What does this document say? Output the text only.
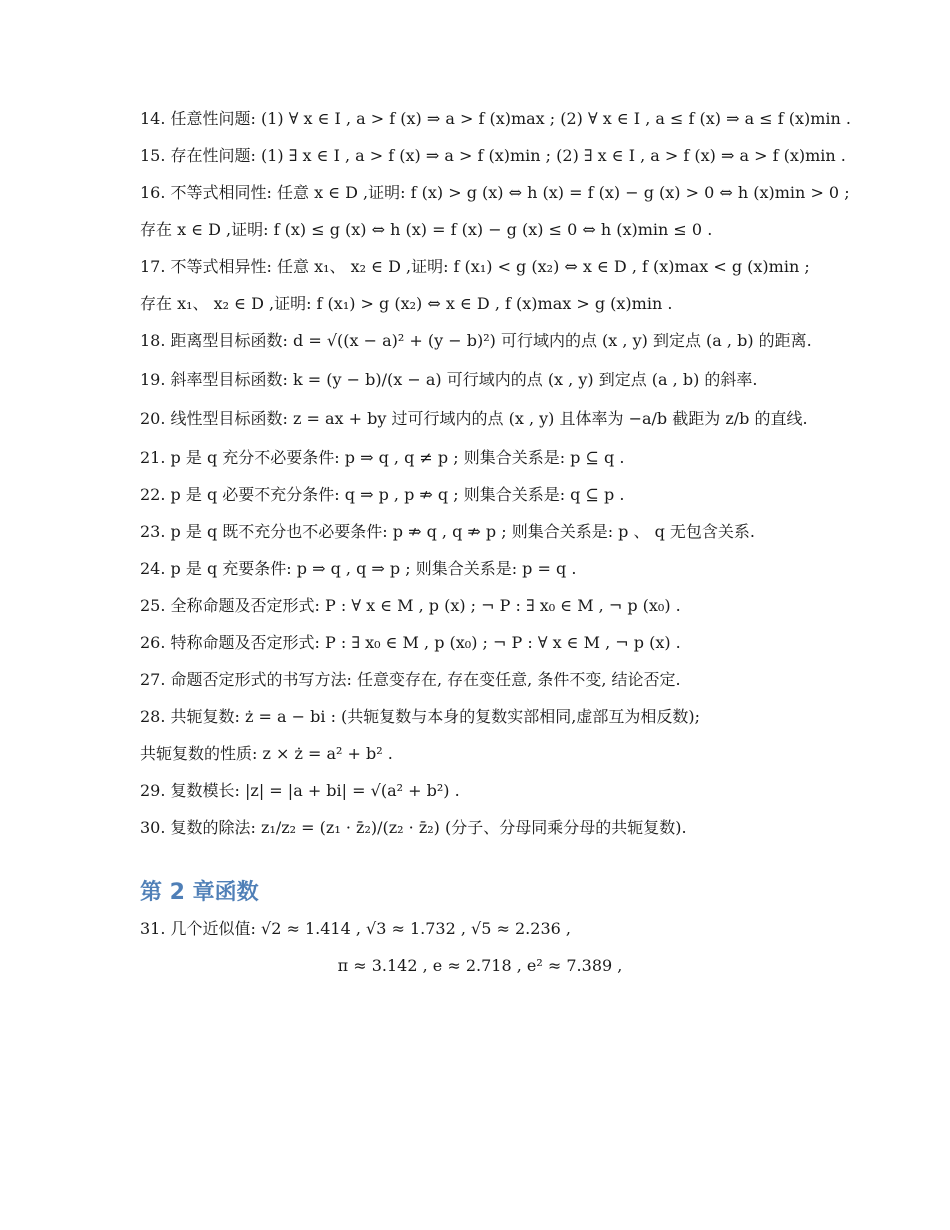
14. 任意性问题: (1) ∀ x ∈ I , a > f (x) ⇒ a > f (x)max ; (2) ∀ x ∈ I , a ≤ f (x) ⇒ a ≤ f (x)min .

15. 存在性问题: (1) ∃ x ∈ I , a > f (x) ⇒ a > f (x)min ; (2) ∃ x ∈ I , a > f (x) ⇒ a > f (x)min .

16. 不等式相同性: 任意 x ∈ D ,证明: f (x) > g (x) ⇔ h (x) = f (x) − g (x) > 0 ⇔ h (x)min > 0 ;

存在 x ∈ D ,证明: f (x) ≤ g (x) ⇔ h (x) = f (x) − g (x) ≤ 0 ⇔ h (x)min ≤ 0 .

17. 不等式相异性: 任意 x₁、 x₂ ∈ D ,证明: f (x₁) < g (x₂) ⇔ x ∈ D , f (x)max < g (x)min ;

存在 x₁、 x₂ ∈ D ,证明: f (x₁) > g (x₂) ⇔ x ∈ D , f (x)max > g (x)min .

18. 距离型目标函数: d = √((x − a)² + (y − b)²) 可行域内的点 (x , y) 到定点 (a , b) 的距离.

19. 斜率型目标函数: k = (y − b)/(x − a) 可行域内的点 (x , y) 到定点 (a , b) 的斜率.

20. 线性型目标函数: z = ax + by 过可行域内的点 (x , y) 且体率为 −a/b 截距为 z/b 的直线.

21. p 是 q 充分不必要条件: p ⇒ q , q ≠ p ; 则集合关系是: p ⊆ q .

22. p 是 q 必要不充分条件: q ⇒ p , p ⇏ q ; 则集合关系是: q ⊆ p .

23. p 是 q 既不充分也不必要条件: p ⇏ q , q ⇏ p ; 则集合关系是: p 、 q 无包含关系.

24. p 是 q 充要条件: p ⇒ q , q ⇒ p ; 则集合关系是: p = q .

25. 全称命题及否定形式: P : ∀ x ∈ M , p (x) ; ¬ P : ∃ x₀ ∈ M , ¬ p (x₀) .

26. 特称命题及否定形式: P : ∃ x₀ ∈ M , p (x₀) ; ¬ P : ∀ x ∈ M , ¬ p (x) .

27. 命题否定形式的书写方法: 任意变存在, 存在变任意, 条件不变, 结论否定.

28. 共轭复数: ż = a − bi : (共轭复数与本身的复数实部相同,虚部互为相反数);

共轭复数的性质: z × ż = a² + b² .

29. 复数模长: |z| = |a + bi| = √(a² + b²) .

30. 复数的除法: z₁/z₂ = (z₁ · z̄₂)/(z₂ · z̄₂) (分子、分母同乘分母的共轭复数).

第 2 章函数

31. 几个近似值: √2 ≈ 1.414 , √3 ≈ 1.732 , √5 ≈ 2.236 ,

π ≈ 3.142 , e ≈ 2.718 , e² ≈ 7.389 ,
